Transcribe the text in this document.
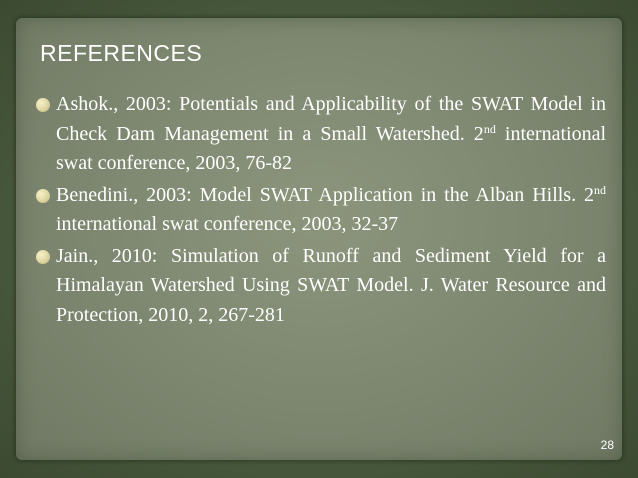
REFERENCES
Ashok., 2003: Potentials and Applicability of the SWAT Model in Check Dam Management in a Small Watershed. 2nd international swat conference, 2003, 76-82
Benedini., 2003: Model SWAT Application in the Alban Hills. 2nd international swat conference, 2003, 32-37
Jain., 2010: Simulation of Runoff and Sediment Yield for a Himalayan Watershed Using SWAT Model. J. Water Resource and Protection, 2010, 2, 267-281
28
